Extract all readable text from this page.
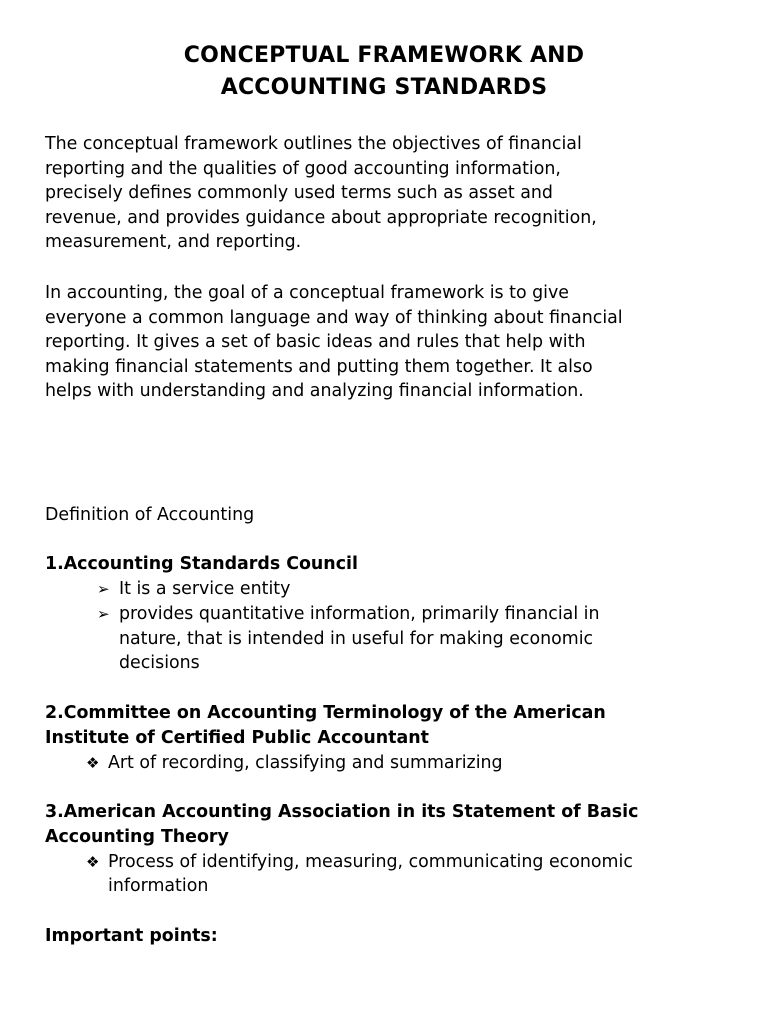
CONCEPTUAL FRAMEWORK AND
ACCOUNTING STANDARDS
The conceptual framework outlines the objectives of financial
reporting and the qualities of good accounting information,
precisely defines commonly used terms such as asset and
revenue, and provides guidance about appropriate recognition,
measurement, and reporting.
In accounting, the goal of a conceptual framework is to give
everyone a common language and way of thinking about financial
reporting. It gives a set of basic ideas and rules that help with
making financial statements and putting them together. It also
helps with understanding and analyzing financial information.
Definition of Accounting
1.Accounting Standards Council
➢ It is a service entity
➢ provides quantitative information, primarily financial in
nature, that is intended in useful for making economic
decisions
2.Committee on Accounting Terminology of the American
Institute of Certified Public Accountant
❖ Art of recording, classifying and summarizing
3.American Accounting Association in its Statement of Basic
Accounting Theory
❖ Process of identifying, measuring, communicating economic
information
Important points:
